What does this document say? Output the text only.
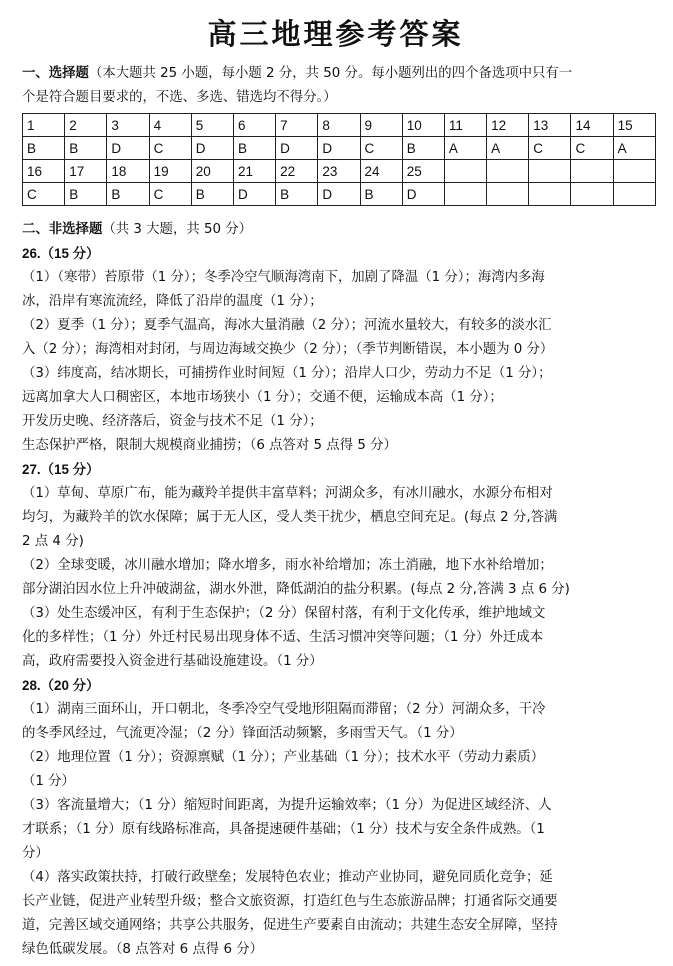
高三地理参考答案

一、选择题（本大题共 25 小题，每小题 2 分，共 50 分。每小题列出的四个备选项中只有一

个是符合题目要求的，不选、多选、错选均不得分。）

1	2	3	4	5	6	7	8	9	10	11	12	13	14	15
B	B	D	C	D	B	D	D	C	B	A	A	C	C	A
16	17	18	19	20	21	22	23	24	25					
C	B	B	C	B	D	B	D	B	D					

二、非选择题（共 3 大题，共 50 分）

26.（15 分）

（1）（寒带）苔原带（1 分）；冬季冷空气顺海湾南下，加剧了降温（1 分）；海湾内多海

冰，沿岸有寒流流经，降低了沿岸的温度（1 分）；

（2）夏季（1 分）；夏季气温高，海冰大量消融（2 分）；河流水量较大，有较多的淡水汇

入（2 分）；海湾相对封闭，与周边海域交换少（2 分）；（季节判断错误，本小题为 0 分）

（3）纬度高，结冰期长，可捕捞作业时间短（1 分）；沿岸人口少，劳动力不足（1 分）；

远离加拿大人口稠密区，本地市场狭小（1 分）；交通不便，运输成本高（1 分）；

开发历史晚、经济落后，资金与技术不足（1 分）；

生态保护严格，限制大规模商业捕捞；（6 点答对 5 点得 5 分）

27.（15 分）

（1）草甸、草原广布，能为藏羚羊提供丰富草料；河湖众多，有冰川融水，水源分布相对

均匀，为藏羚羊的饮水保障；属于无人区，受人类干扰少，栖息空间充足。(每点 2 分,答满

2 点 4 分)

（2）全球变暖，冰川融水增加；降水增多，雨水补给增加；冻土消融，地下水补给增加；

部分湖泊因水位上升冲破湖盆，湖水外泄，降低湖泊的盐分积累。(每点 2 分,答满 3 点 6 分)

（3）处生态缓冲区，有利于生态保护；（2 分）保留村落，有利于文化传承，维护地域文

化的多样性；（1 分）外迁村民易出现身体不适、生活习惯冲突等问题；（1 分）外迁成本

高，政府需要投入资金进行基础设施建设。（1 分）

28.（20 分）

（1）湖南三面环山，开口朝北，冬季冷空气受地形阻隔而滞留；（2 分）河湖众多，干冷

的冬季风经过，气流更冷湿；（2 分）锋面活动频繁，多雨雪天气。（1 分）

（2）地理位置（1 分）；资源禀赋（1 分）；产业基础（1 分）；技术水平（劳动力素质）

（1 分）

（3）客流量增大；（1 分）缩短时间距离，为提升运输效率；（1 分）为促进区域经济、人

才联系；（1 分）原有线路标准高，具备提速硬件基础；（1 分）技术与安全条件成熟。（1

分）

（4）落实政策扶持，打破行政壁垒；发展特色农业；推动产业协同，避免同质化竞争；延

长产业链，促进产业转型升级；整合文旅资源，打造红色与生态旅游品牌；打通省际交通要

道，完善区域交通网络；共享公共服务，促进生产要素自由流动；共建生态安全屏障，坚持

绿色低碳发展。（8 点答对 6 点得 6 分）
